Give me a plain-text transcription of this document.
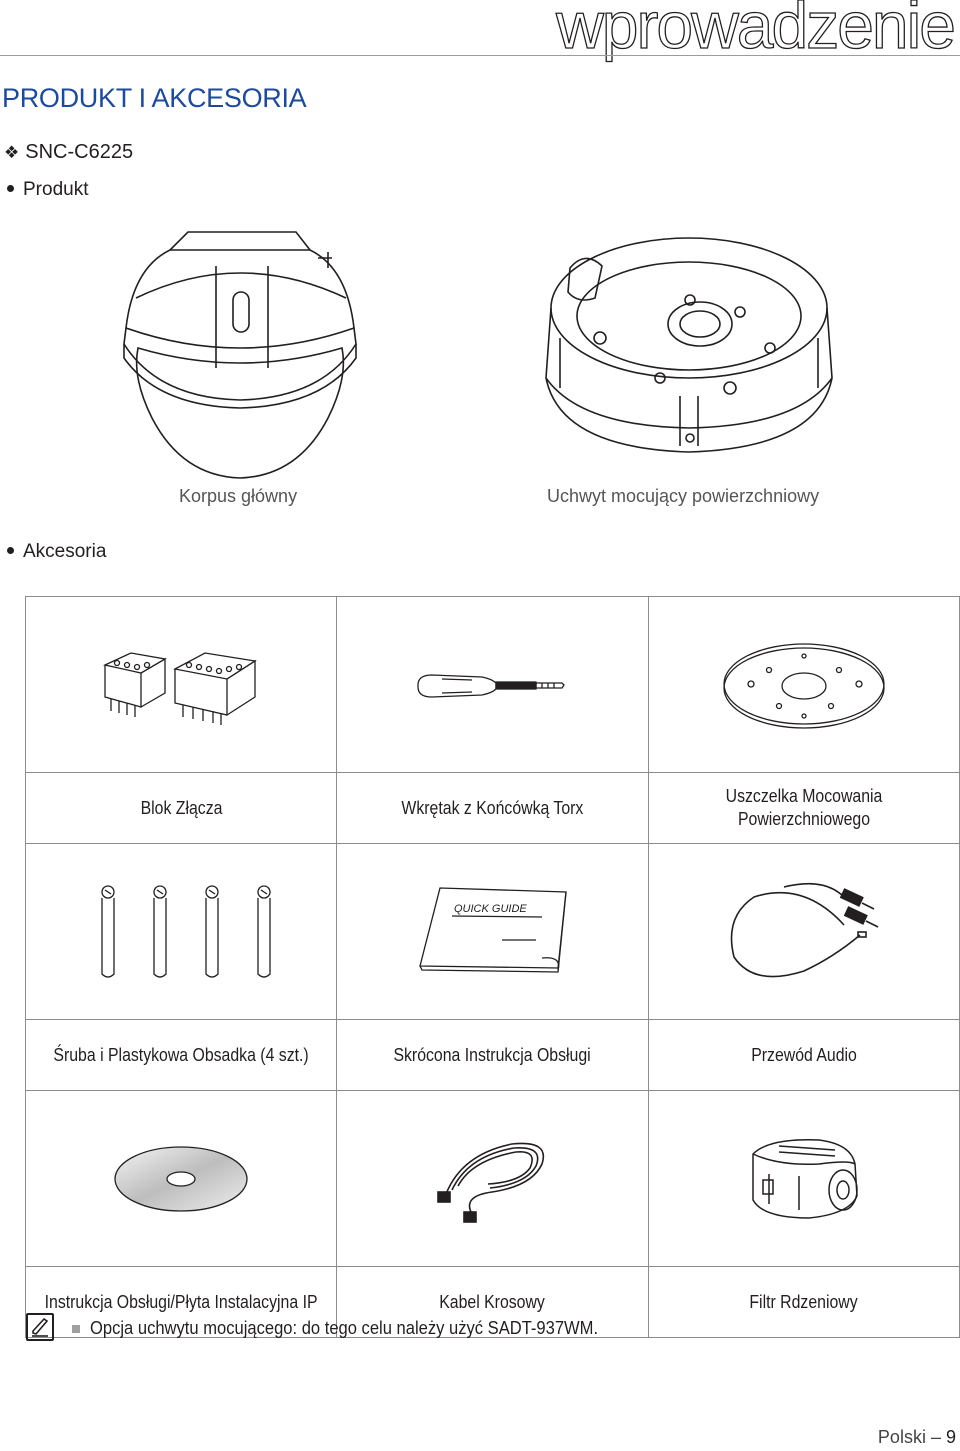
wprowadzenie
PRODUKT I AKCESORIA
❖ SNC-C6225
Produkt
Korpus główny	Uchwyt mocujący powierzchniowy
Akcesoria

Blok Złącza	Wkrętak z Końcówką Torx	Uszczelka Mocowania Powierzchniowego

QUICK GUIDE

Śruba i Plastykowa Obsadka (4 szt.)	Skrócona Instrukcja Obsługi	Przewód Audio

Instrukcja Obsługi/Płyta Instalacyjna IP	Kabel Krosowy	Filtr Rdzeniowy
Opcja uchwytu mocującego: do tego celu należy użyć SADT-937WM.
Polski – 9
